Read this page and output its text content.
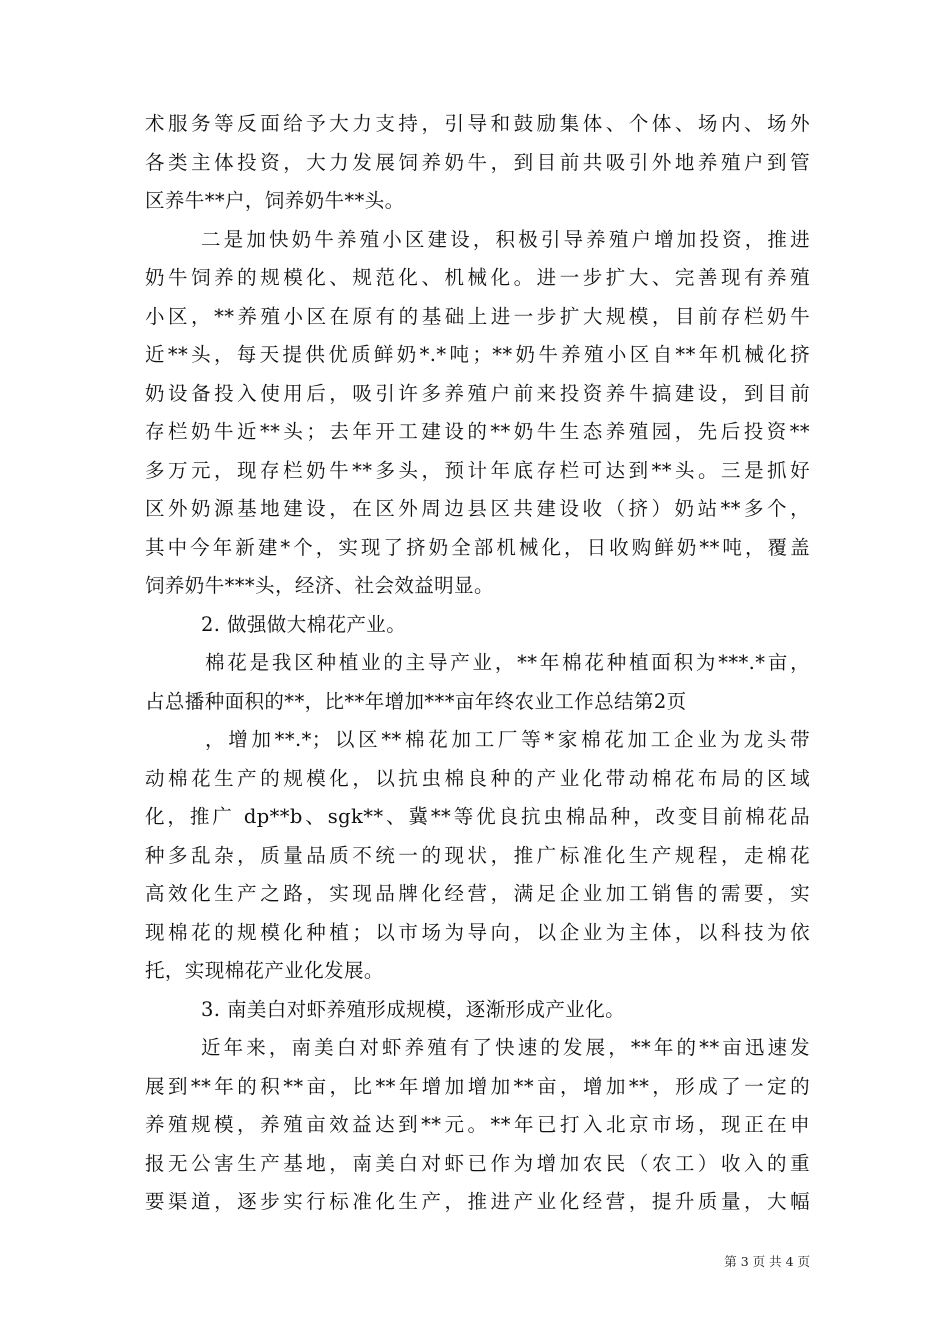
术服务等反面给予大力支持，引导和鼓励集体、个体、场内、场外
各类主体投资，大力发展饲养奶牛，到目前共吸引外地养殖户到管
区养牛**户，饲养奶牛**头。
二是加快奶牛养殖小区建设，积极引导养殖户增加投资，推进
奶牛饲养的规模化、规范化、机械化。进一步扩大、完善现有养殖
小区，**养殖小区在原有的基础上进一步扩大规模，目前存栏奶牛
近**头，每天提供优质鲜奶*.*吨；**奶牛养殖小区自**年机械化挤
奶设备投入使用后，吸引许多养殖户前来投资养牛搞建设，到目前
存栏奶牛近**头；去年开工建设的**奶牛生态养殖园，先后投资**
多万元，现存栏奶牛**多头，预计年底存栏可达到**头。三是抓好
区外奶源基地建设，在区外周边县区共建设收（挤）奶站**多个，
其中今年新建*个，实现了挤奶全部机械化，日收购鲜奶**吨，覆盖
饲养奶牛***头，经济、社会效益明显。
2. 做强做大棉花产业。
棉花是我区种植业的主导产业，**年棉花种植面积为***.*亩，
占总播种面积的**，比**年增加***亩年终农业工作总结第2页
，增加**.*；以区**棉花加工厂等*家棉花加工企业为龙头带
动棉花生产的规模化，以抗虫棉良种的产业化带动棉花布局的区域
化，推广 dp**b、sgk**、冀**等优良抗虫棉品种，改变目前棉花品
种多乱杂，质量品质不统一的现状，推广标准化生产规程，走棉花
高效化生产之路，实现品牌化经营，满足企业加工销售的需要，实
现棉花的规模化种植；以市场为导向，以企业为主体，以科技为依
托，实现棉花产业化发展。
3. 南美白对虾养殖形成规模，逐渐形成产业化。
近年来，南美白对虾养殖有了快速的发展，**年的**亩迅速发
展到**年的积**亩，比**年增加增加**亩，增加**，形成了一定的
养殖规模，养殖亩效益达到**元。**年已打入北京市场，现正在申
报无公害生产基地，南美白对虾已作为增加农民（农工）收入的重
要渠道，逐步实行标准化生产，推进产业化经营，提升质量，大幅
第 3 页 共 4 页
